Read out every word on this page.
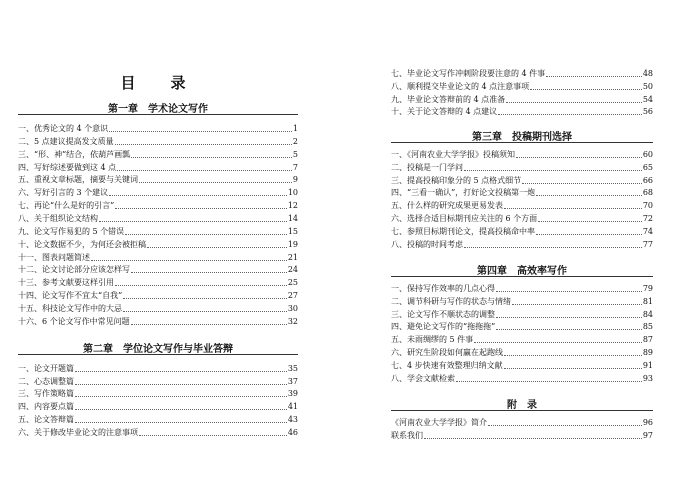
目　录
第一章　学术论文写作
一、优秀论文的 4 个意识	1
二、5 点建议提高发文质量	2
三、“形、神”结合，依葫芦画瓢	5
四、写好综述要做到这 4 点	7
五、重视文章标题，摘要与关键词	9
六、写好引言的 3 个建议	10
七、再论“什么是好的引言”	12
八、关于组织论文结构	14
九、论文写作易犯的 5 个错误	15
十、论文数据不少，为何还会被拒稿	19
十一、图表问题简述	21
十二、论文讨论部分应该怎样写	24
十三、参考文献要这样引用	25
十四、论文写作不宜太“自我”	27
十五、科技论文写作中的大忌	30
十六、6 个论文写作中常见问题	32
第二章　学位论文写作与毕业答辩
一、论文开题篇	35
二、心态调整篇	37
三、写作策略篇	39
四、内容要点篇	41
五、论文答辩篇	43
六、关于修改毕业论文的注意事项	46
七、毕业论文写作冲刺阶段要注意的 4 件事	48
八、顺利提交毕业论文的 4 点注意事项	50
九、毕业论文答辩前的 4 点准备	54
十、关于论文答辩的 4 点建议	56
第三章　投稿期刊选择
一、《河南农业大学学报》投稿须知	60
二、投稿是一门学问	65
三、提高投稿印象分的 5 点格式细节	66
四、“三看一确认”，打好论文投稿第一炮	68
五、什么样的研究成果更易发表	70
六、选择合适目标期刊应关注的 6 个方面	72
七、参照目标期刊论文，提高投稿命中率	74
八、投稿的时间考虑	77
第四章　高效率写作
一、保持写作效率的几点心得	79
二、调节科研与写作的状态与情绪	81
三、论文写作不顺状态的调整	84
四、避免论文写作的“拖拖拖”	85
五、未雨绸缪的 5 件事	87
六、研究生阶段如何赢在起跑线	89
七、4 步快速有效整理归纳文献	91
八、学会文献检索	93
附　录
《河南农业大学学报》简介	96
联系我们	97
